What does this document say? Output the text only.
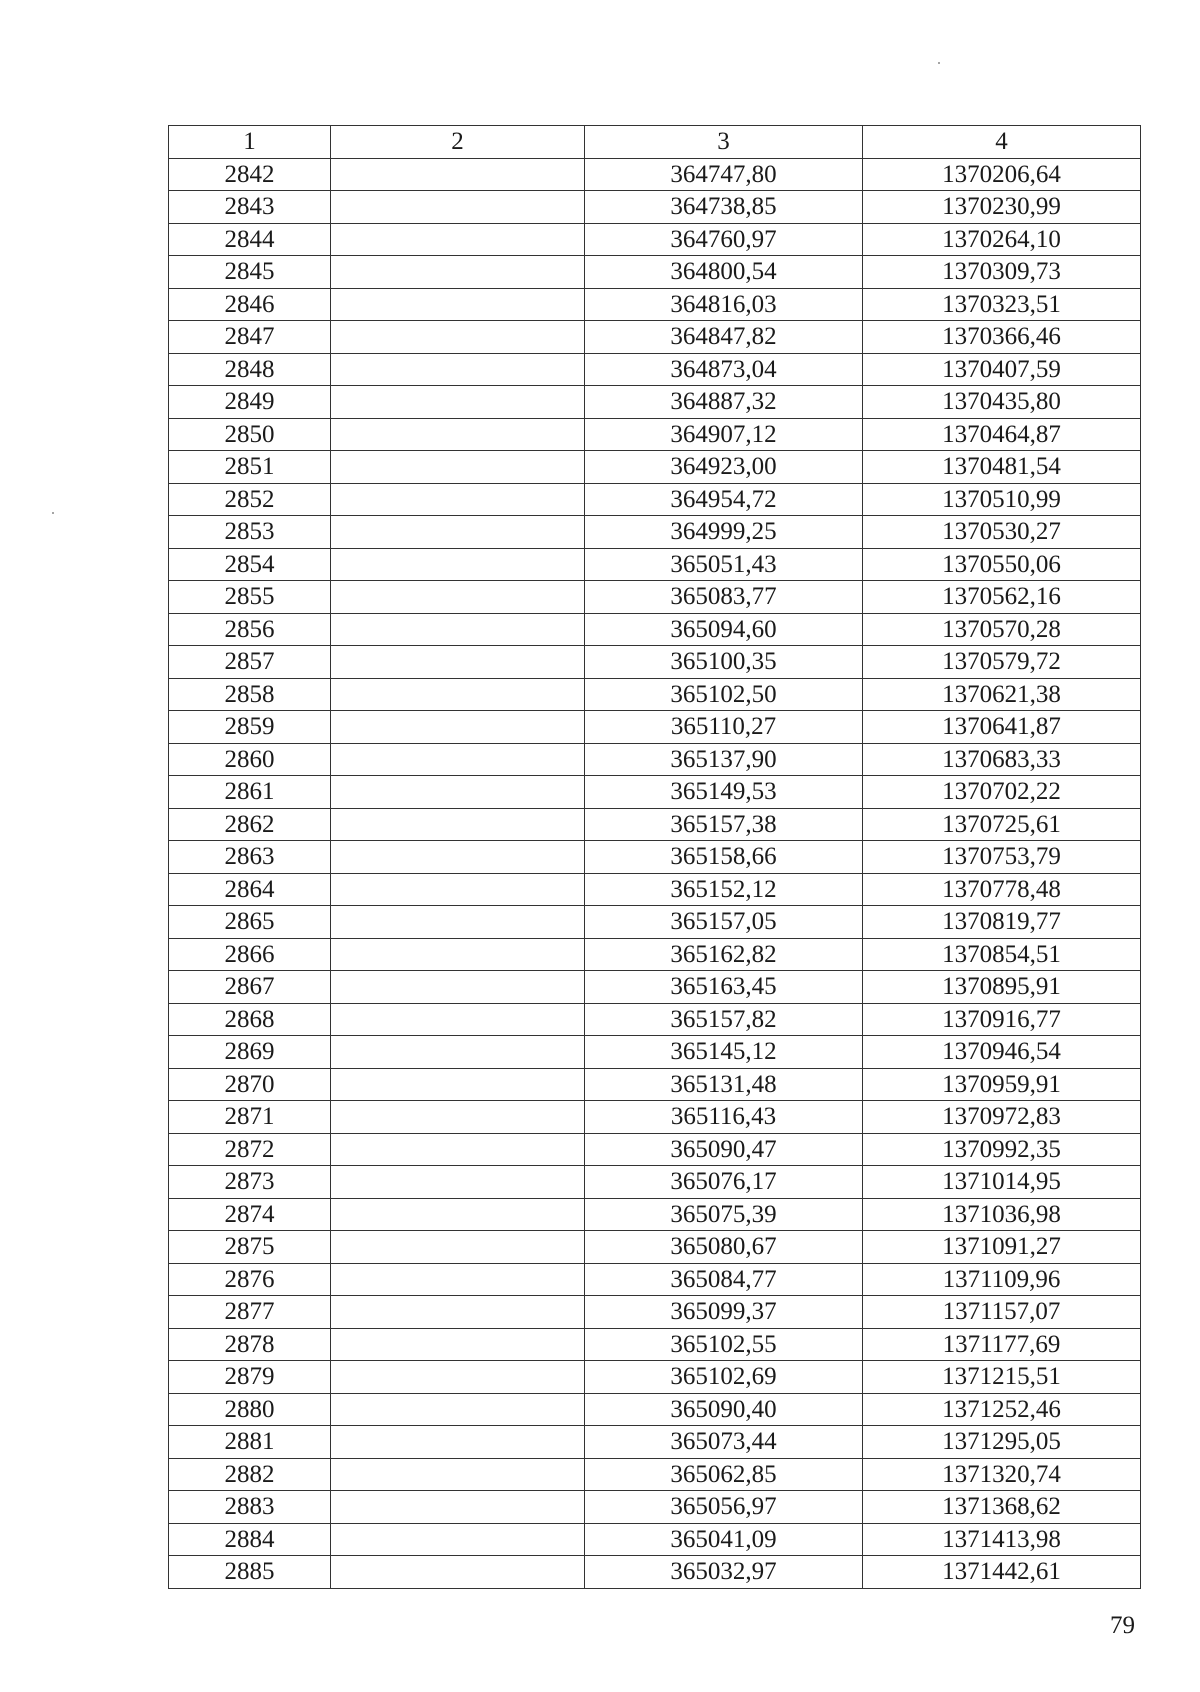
1	2	3	4
2842		364747,80	1370206,64
2843		364738,85	1370230,99
2844		364760,97	1370264,10
2845		364800,54	1370309,73
2846		364816,03	1370323,51
2847		364847,82	1370366,46
2848		364873,04	1370407,59
2849		364887,32	1370435,80
2850		364907,12	1370464,87
2851		364923,00	1370481,54
2852		364954,72	1370510,99
2853		364999,25	1370530,27
2854		365051,43	1370550,06
2855		365083,77	1370562,16
2856		365094,60	1370570,28
2857		365100,35	1370579,72
2858		365102,50	1370621,38
2859		365110,27	1370641,87
2860		365137,90	1370683,33
2861		365149,53	1370702,22
2862		365157,38	1370725,61
2863		365158,66	1370753,79
2864		365152,12	1370778,48
2865		365157,05	1370819,77
2866		365162,82	1370854,51
2867		365163,45	1370895,91
2868		365157,82	1370916,77
2869		365145,12	1370946,54
2870		365131,48	1370959,91
2871		365116,43	1370972,83
2872		365090,47	1370992,35
2873		365076,17	1371014,95
2874		365075,39	1371036,98
2875		365080,67	1371091,27
2876		365084,77	1371109,96
2877		365099,37	1371157,07
2878		365102,55	1371177,69
2879		365102,69	1371215,51
2880		365090,40	1371252,46
2881		365073,44	1371295,05
2882		365062,85	1371320,74
2883		365056,97	1371368,62
2884		365041,09	1371413,98
2885		365032,97	1371442,61
79
